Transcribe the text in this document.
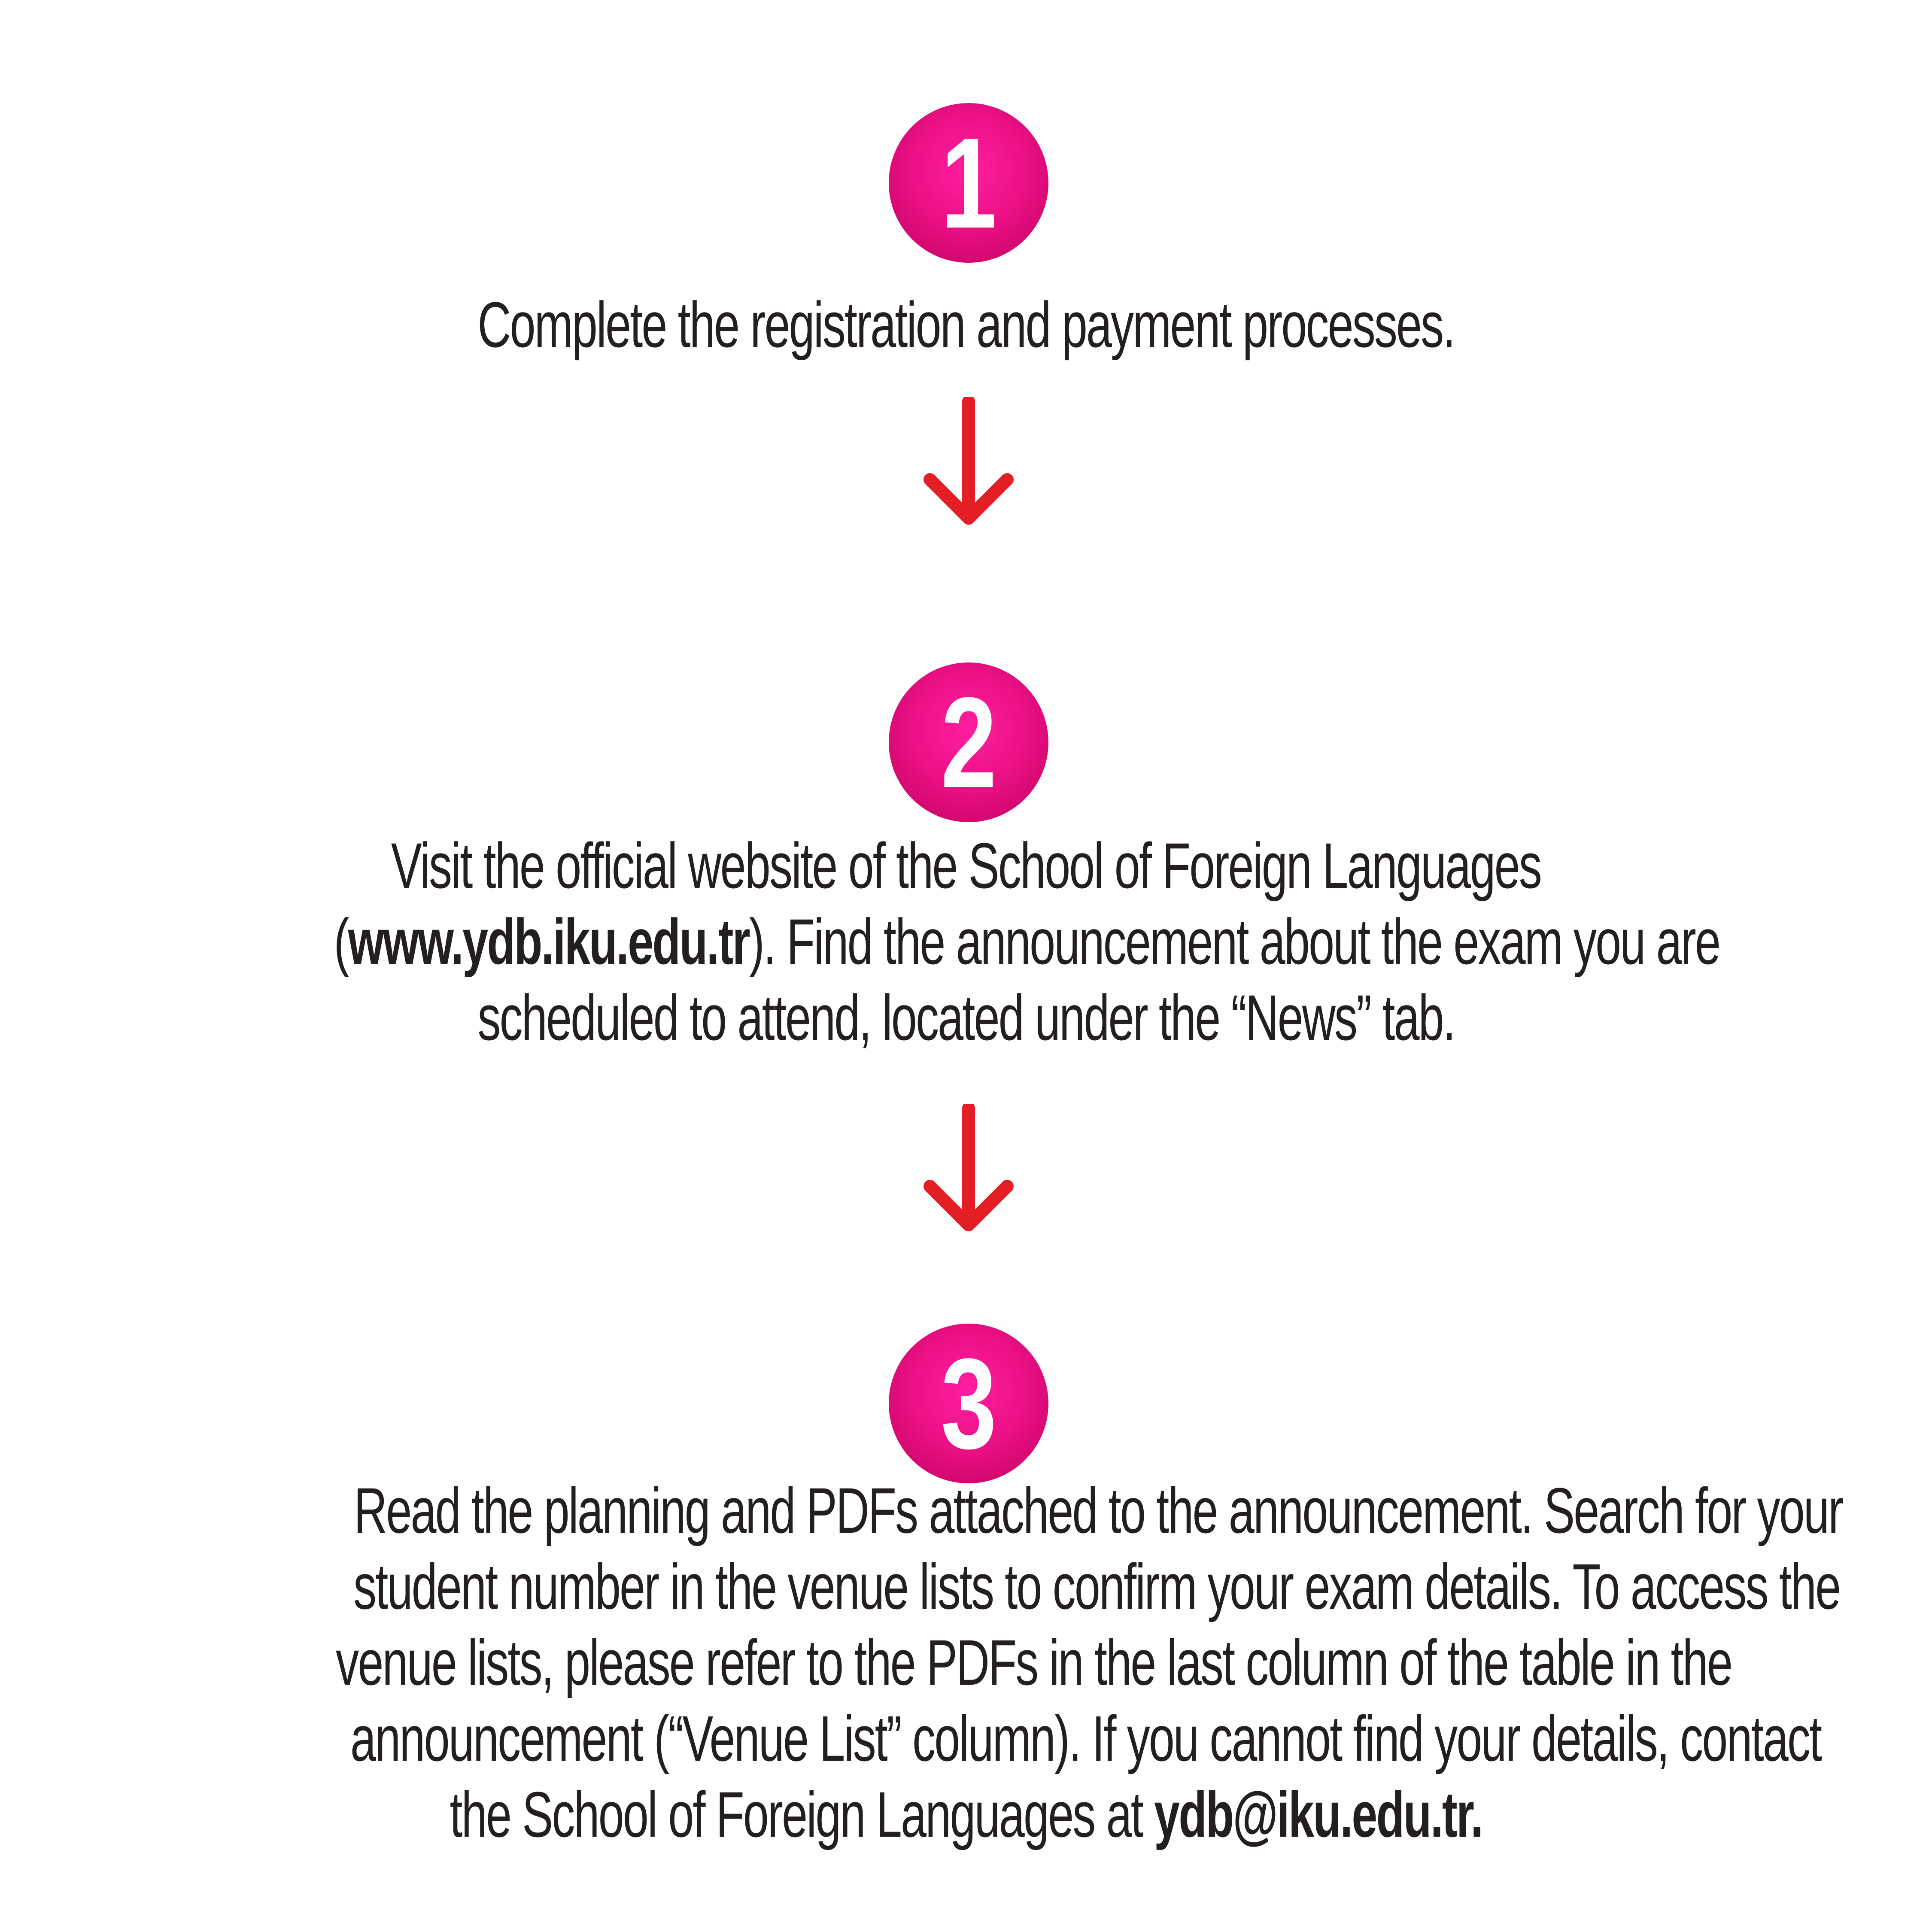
1
Complete the registration and payment processes.
2
Visit the official website of the School of Foreign Languages
(www.ydb.iku.edu.tr). Find the announcement about the exam you are
scheduled to attend, located under the “News” tab.
3
Read the planning and PDFs attached to the announcement. Search for your
student number in the venue lists to confirm your exam details. To access the
venue lists, please refer to the PDFs in the last column of the table in the
announcement (“Venue List” column). If you cannot find your details, contact
the School of Foreign Languages at ydb@iku.edu.tr.
